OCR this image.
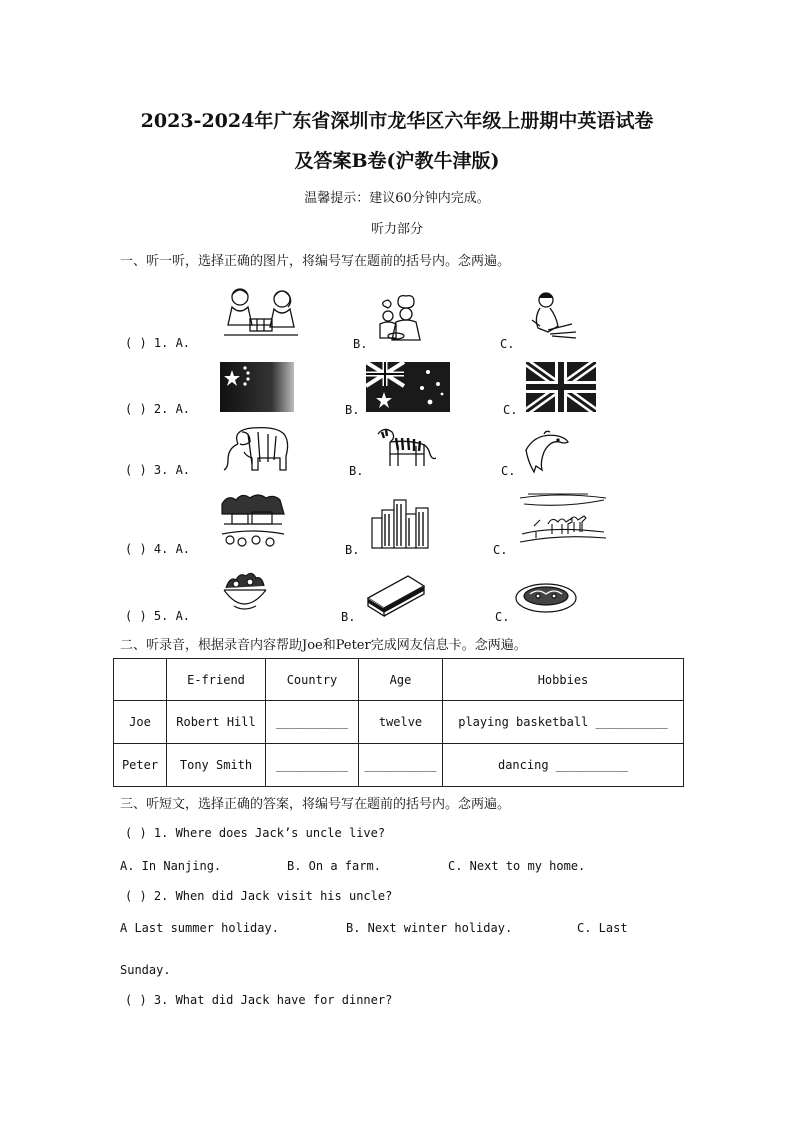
2023-2024年广东省深圳市龙华区六年级上册期中英语试卷
及答案B卷(沪教牛津版)
温馨提示：建议60分钟内完成。
听力部分
一、听一听，选择正确的图片，将编号写在题前的括号内。念两遍。
( ) 1. A.	B.	C.
( ) 2. A.	B.	C.
( ) 3. A.	B.	C.
( ) 4. A.	B.	C.
( ) 5. A.	B.	C.
二、听录音，根据录音内容帮助Joe和Peter完成网友信息卡。念两遍。
	E-friend	Country	Age	Hobbies
Joe	Robert Hill	__________	twelve	playing basketball __________
Peter	Tony Smith	__________	__________	dancing __________
三、听短文，选择正确的答案，将编号写在题前的括号内。念两遍。
( ) 1. Where does Jack’s uncle live?
A. In Nanjing.	B. On a farm.	C. Next to my home.
( ) 2. When did Jack visit his uncle?
A Last summer holiday.	B. Next winter holiday.	C. Last
Sunday.
( ) 3. What did Jack have for dinner?
